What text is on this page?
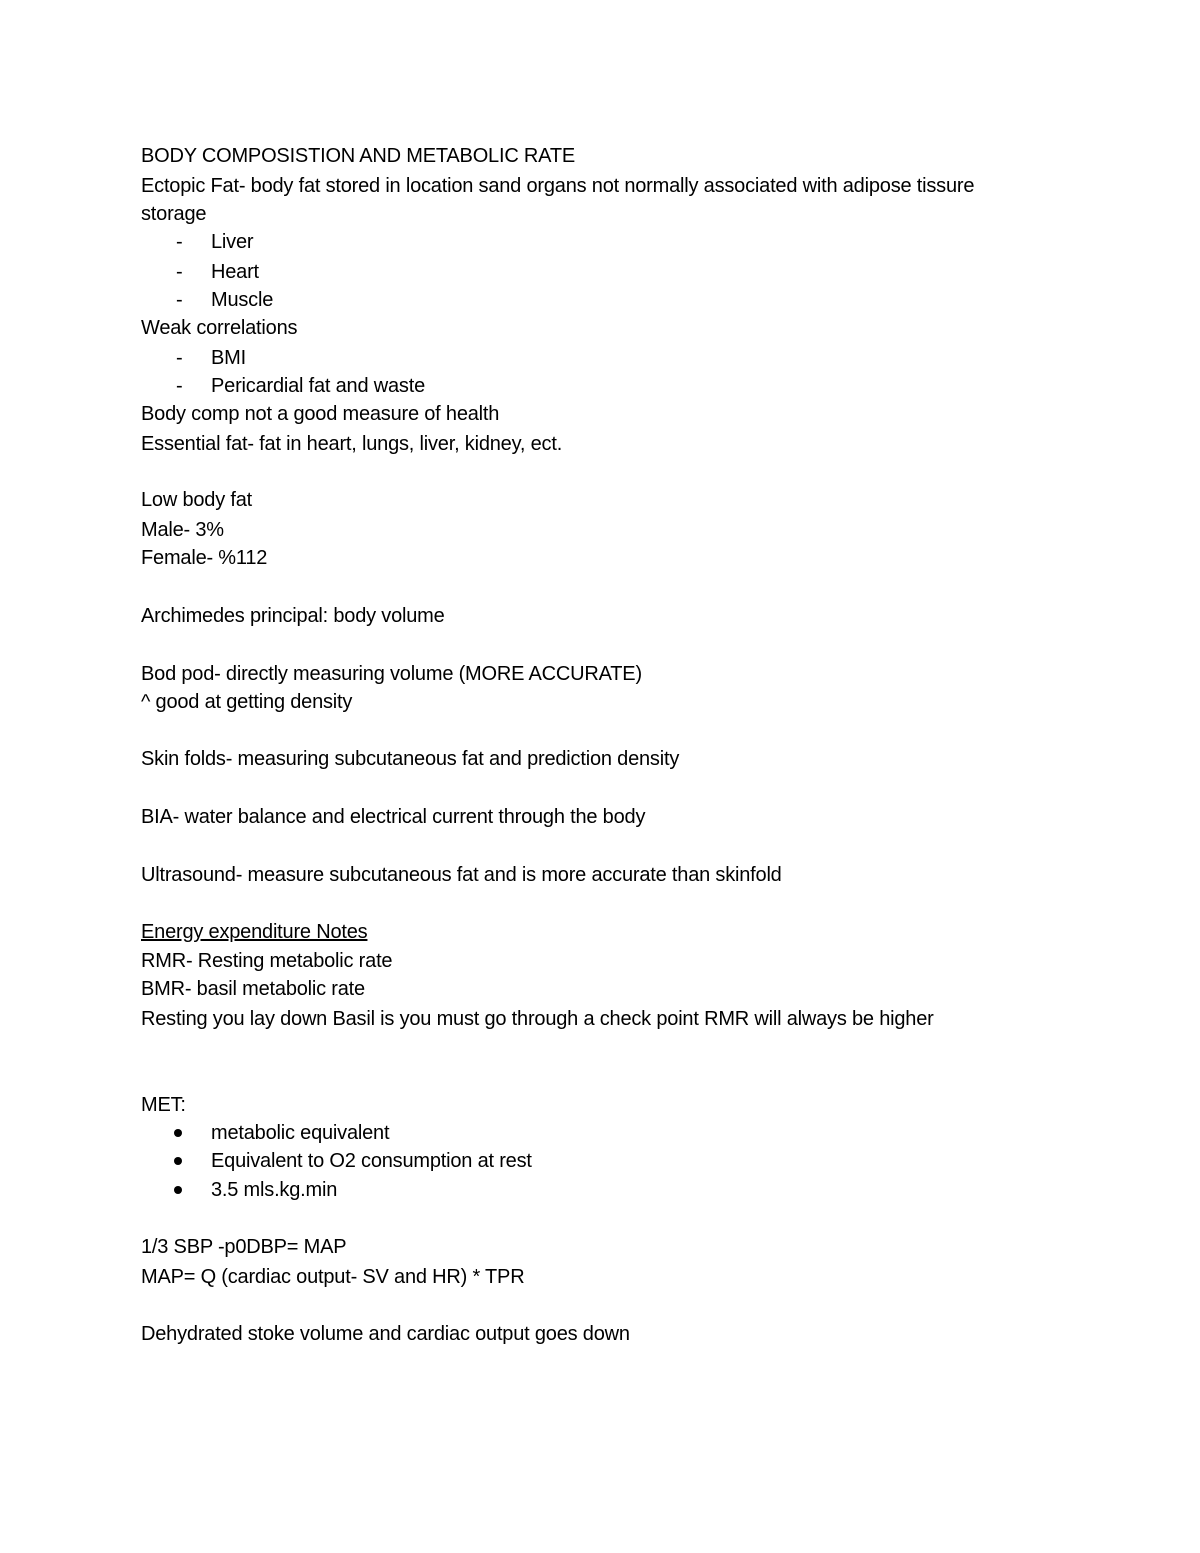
BODY COMPOSISTION AND METABOLIC RATE
Ectopic Fat- body fat stored in location sand organs not normally associated with adipose tissure
storage
- Liver
- Heart
- Muscle
Weak correlations
- BMI
- Pericardial fat and waste
Body comp not a good measure of health
Essential fat- fat in heart, lungs, liver, kidney, ect.
Low body fat
Male- 3%
Female- %112
Archimedes principal: body volume
Bod pod- directly measuring volume (MORE ACCURATE)
^ good at getting density
Skin folds- measuring subcutaneous fat and prediction density
BIA- water balance and electrical current through the body
Ultrasound- measure subcutaneous fat and is more accurate than skinfold
Energy expenditure Notes
RMR- Resting metabolic rate
BMR- basil metabolic rate
Resting you lay down Basil is you must go through a check point RMR will always be higher
MET:
metabolic equivalent
Equivalent to O2 consumption at rest
3.5 mls.kg.min
1/3 SBP -p0DBP= MAP
MAP= Q (cardiac output- SV and HR) * TPR
Dehydrated stoke volume and cardiac output goes down
